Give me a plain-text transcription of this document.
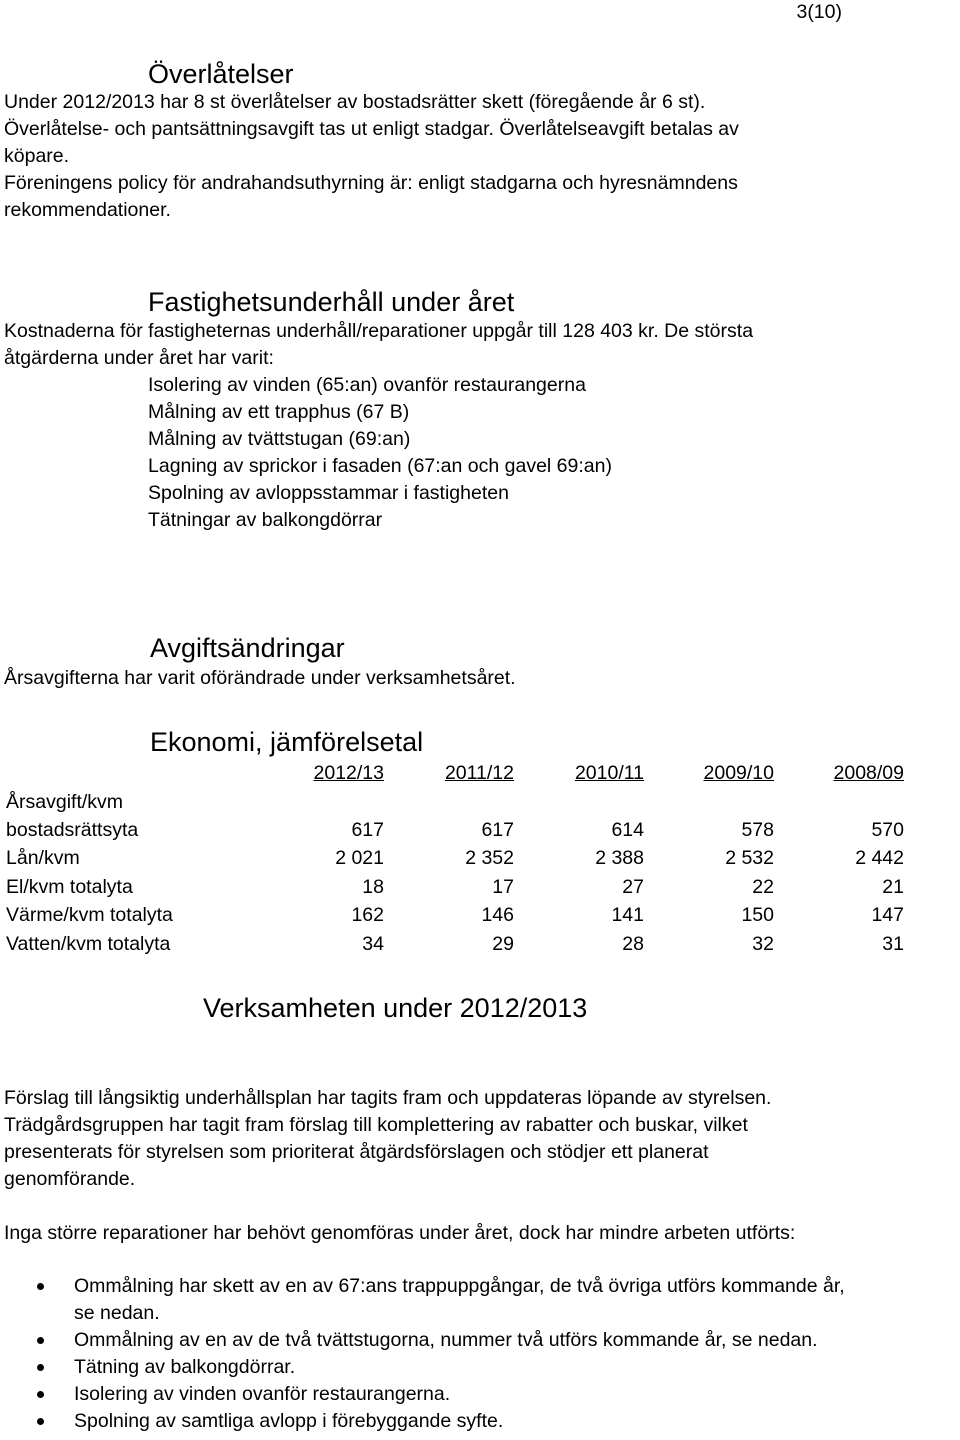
3(10)
Överlåtelser

Under 2012/2013 har 8 st överlåtelser av bostadsrätter skett (föregående år 6 st).

Överlåtelse- och pantsättningsavgift tas ut enligt stadgar. Överlåtelseavgift betalas av

köpare.

Föreningens policy för andrahandsuthyrning är: enligt stadgarna och hyresnämndens

rekommendationer.

Fastighetsunderhåll under året

Kostnaderna för fastigheternas underhåll/reparationer uppgår till 128 403 kr. De största

åtgärderna under året har varit:

Isolering av vinden (65:an) ovanför restaurangerna
Målning av ett trapphus (67 B)
Målning av tvättstugan (69:an)
Lagning av sprickor i fasaden (67:an och gavel 69:an)
Spolning av avloppsstammar i fastigheten
Tätningar av balkongdörrar
Avgiftsändringar
Årsavgifterna har varit oförändrade under verksamhetsåret.
Ekonomi, jämförelsetal
	2012/13	2011/12	2010/11	2009/10	2008/09
Årsavgift/kvm					
bostadsrättsyta	617	617	614	578	570
Lån/kvm	2 021	2 352	2 388	2 532	2 442
El/kvm totalyta	18	17	27	22	21
Värme/kvm totalyta	162	146	141	150	147
Vatten/kvm totalyta	34	29	28	32	31
Verksamheten under 2012/2013
Förslag till långsiktig underhållsplan har tagits fram och uppdateras löpande av styrelsen.

Trädgårdsgruppen har tagit fram förslag till komplettering av rabatter och buskar, vilket

presenterats för styrelsen som prioriterat åtgärdsförslagen och stödjer ett planerat

genomförande.

Inga större reparationer har behövt genomföras under året, dock har mindre arbeten utförts:
Ommålning har skett av en av 67:ans trappuppgångar, de två övriga utförs kommande år,
se nedan.
Ommålning av en av de två tvättstugorna, nummer två utförs kommande år, se nedan.
Tätning av balkongdörrar.
Isolering av vinden ovanför restaurangerna.
Spolning av samtliga avlopp i förebyggande syfte.
